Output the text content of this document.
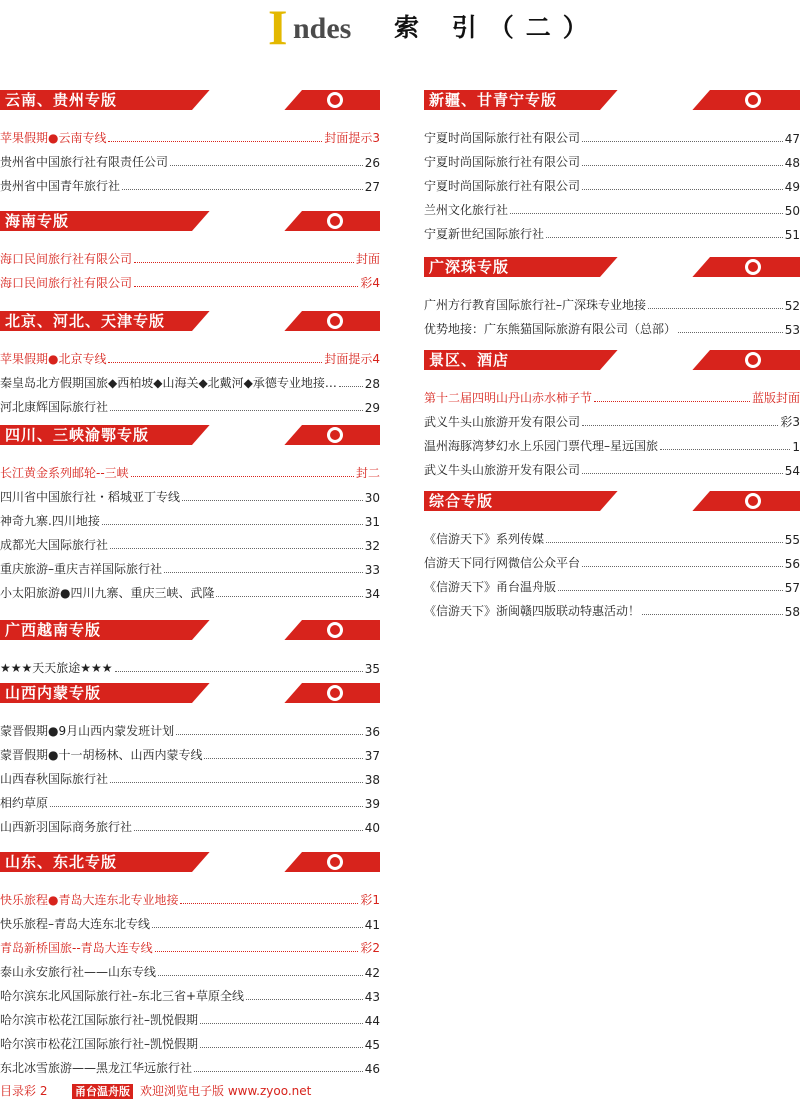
I ndes 索 引（二）
云南、贵州专版
苹果假期●云南专线	封面提示3
贵州省中国旅行社有限责任公司	26
贵州省中国青年旅行社	27
海南专版
海口民间旅行社有限公司	封面
海口民间旅行社有限公司	彩4
北京、河北、天津专版
苹果假期●北京专线	封面提示4
秦皇岛北方假期国旅◆西柏坡◆山海关◆北戴河◆承德专业地接… 28
河北康辉国际旅行社	29
四川、三峡渝鄂专版
长江黄金系列邮轮--三峡	封二
四川省中国旅行社・稻城亚丁专线	30
神奇九寨.四川地接	31
成都光大国际旅行社	32
重庆旅游–重庆吉祥国际旅行社	33
小太阳旅游●四川九寨、重庆三峡、武隆	34
广西越南专版
★★★天天旅途★★★	35
山西内蒙专版
蒙晋假期●9月山西内蒙发班计划	36
蒙晋假期●十一胡杨林、山西内蒙专线	37
山西春秋国际旅行社	38
相约草原	39
山西新羽国际商务旅行社	40
山东、东北专版
快乐旅程●青岛大连东北专业地接	彩1
快乐旅程–青岛大连东北专线	41
青岛新桥国旅--青岛大连专线	彩2
泰山永安旅行社——山东专线	42
哈尔滨东北风国际旅行社–东北三省+草原全线	43
哈尔滨市松花江国际旅行社–凯悦假期	44
哈尔滨市松花江国际旅行社–凯悦假期	45
东北冰雪旅游——黑龙江华远旅行社	46
新疆、甘青宁专版
宁夏时尚国际旅行社有限公司	47
宁夏时尚国际旅行社有限公司	48
宁夏时尚国际旅行社有限公司	49
兰州文化旅行社	50
宁夏新世纪国际旅行社	51
广深珠专版
广州方行教育国际旅行社–广深珠专业地接	52
优势地接：广东熊猫国际旅游有限公司（总部）	53
景区、酒店
第十二届四明山丹山赤水柿子节	蓝版封面
武义牛头山旅游开发有限公司	彩3
温州海豚湾梦幻水上乐园门票代理–星远国旅	1
武义牛头山旅游开发有限公司	54
综合专版
《信游天下》系列传媒	55
信游天下同行网微信公众平台	56
《信游天下》甬台温舟版	57
《信游天下》浙闽赣四版联动特惠活动！	58
目录彩 2	甬台温舟版 欢迎浏览电子版 www.zyoo.net
